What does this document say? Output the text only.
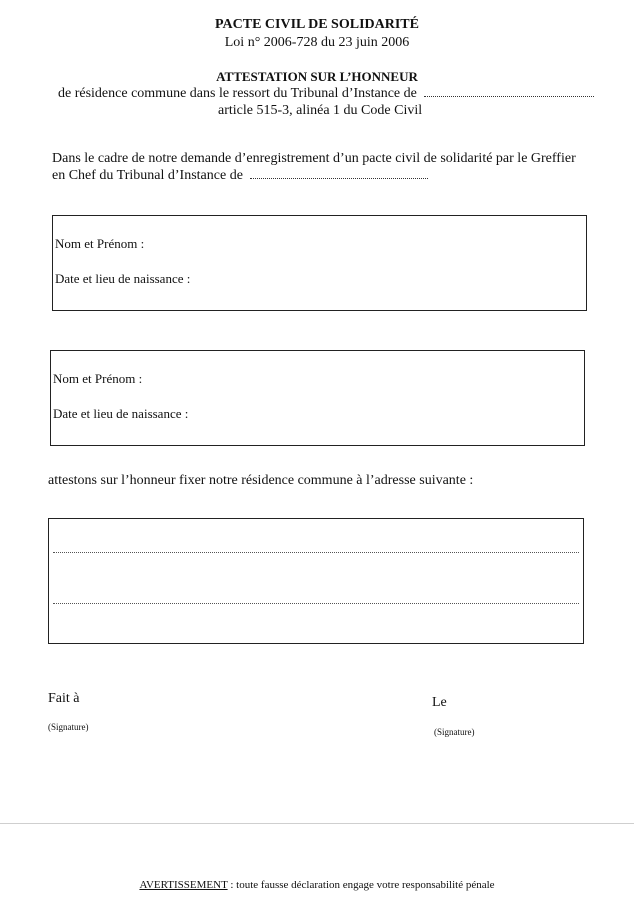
PACTE CIVIL DE SOLIDARITÉ
Loi n° 2006-728 du 23 juin 2006
ATTESTATION SUR L’HONNEUR
de résidence commune dans le ressort du Tribunal d’Instance de
article 515-3, alinéa 1 du Code Civil
Dans le cadre de notre demande d’enregistrement d’un pacte civil de solidarité par le Greffier
en Chef du Tribunal d’Instance de
Nom et Prénom :
Date et lieu de naissance :
Nom et Prénom :
Date et lieu de naissance :
attestons sur l’honneur fixer notre résidence commune à l’adresse suivante :
Fait à	Le
(Signature)	(Signature)
AVERTISSEMENT : toute fausse déclaration engage votre responsabilité pénale
